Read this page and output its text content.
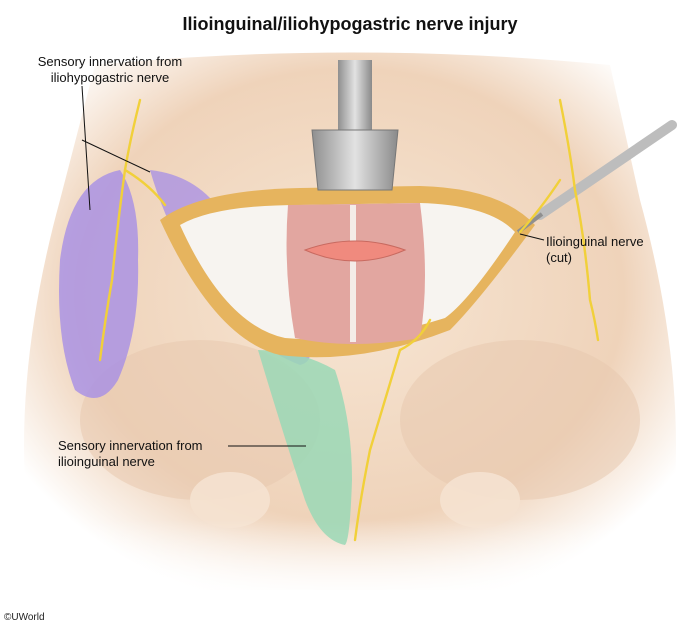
Ilioinguinal/iliohypogastric nerve injury
Sensory innervation from
iliohypogastric nerve
Sensory innervation from
ilioinguinal nerve
Ilioinguinal nerve
(cut)
©UWorld
